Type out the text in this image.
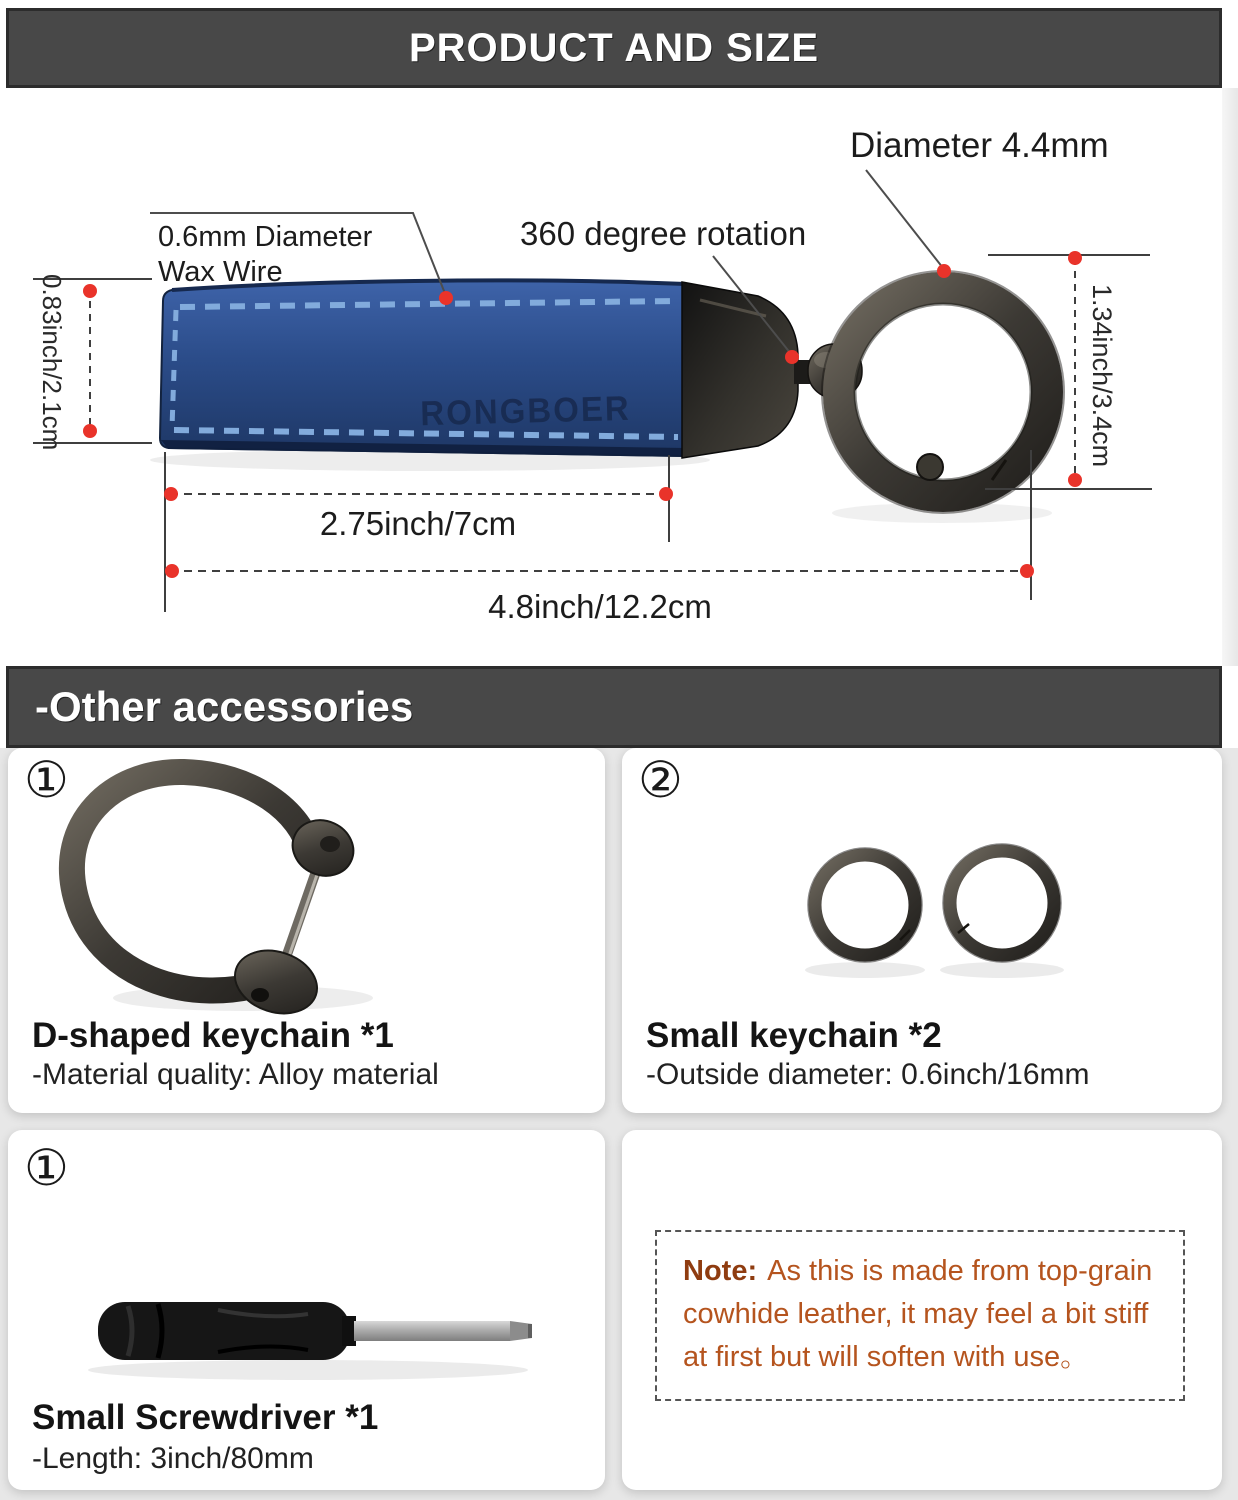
PRODUCT AND SIZE
0.6mm Diameter
Wax Wire
360 degree rotation
Diameter 4.4mm
0.83inch/2.1cm	1.34inch/3.4cm
2.75inch/7cm
4.8inch/12.2cm
RONGBOER
-Other accessories
①
D-shaped keychain *1
-Material quality: Alloy material
②
Small keychain *2
-Outside diameter: 0.6inch/16mm
①
Small Screwdriver *1
-Length: 3inch/80mm
Note: As this is made from top-grain cowhide leather, it may feel a bit stiff at first but will soften with use。
